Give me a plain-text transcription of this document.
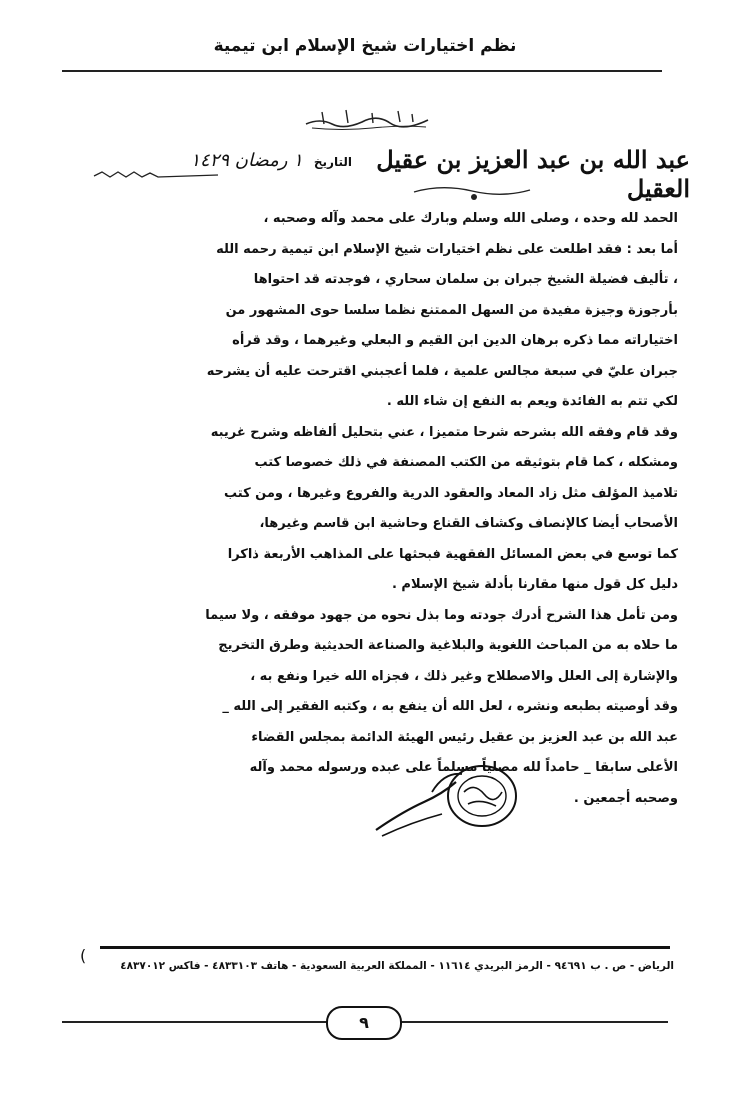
نظم اختيارات شيخ الإسلام ابن تيمية
عبد الله بن عبد العزيز بن عقيل العقيل
التاريخ ١ رمضان ١٤٢٩
الحمد لله وحده ، وصلى الله وسلم وبارك على محمد وآله وصحبه ،
أما بعد : فقد اطلعت على نظم اختيارات شيخ الإسلام ابن تيمية رحمه الله
، تأليف فضيلة الشيخ جبران بن سلمان سحاري ، فوجدته قد احتواها
بأرجوزة وجيزة مفيدة من السهل الممتنع نظما سلسا حوى المشهور من
اختياراته مما ذكره برهان الدين ابن القيم و البعلي وغيرهما ، وقد قرأه
جبران عليّ في سبعة مجالس علمية ، فلما أعجبني اقترحت عليه أن يشرحه
لكي تتم به الفائدة ويعم به النفع إن شاء الله .
وقد قام وفقه الله بشرحه شرحا متميزا ، عني بتحليل ألفاظه وشرح غريبه
ومشكله ، كما قام بتوثيقه من الكتب المصنفة في ذلك خصوصا كتب
تلاميذ المؤلف مثل زاد المعاد والعقود الدرية والفروع وغيرها ، ومن كتب
الأصحاب أيضا كالإنصاف وكشاف القناع وحاشية ابن قاسم وغيرها،
كما توسع في بعض المسائل الفقهية فبحثها على المذاهب الأربعة ذاكرا
دليل كل قول منها مقارنا بأدلة شيخ الإسلام .
ومن تأمل هذا الشرح أدرك جودته وما بذل نحوه من جهود موفقه ، ولا سيما
ما حلاه به من المباحث اللغوية والبلاغية والصناعة الحديثية وطرق التخريج
والإشارة إلى العلل والاصطلاح وغير ذلك ، فجزاه الله خيرا ونفع به ،
وقد أوصيته بطبعه ونشره ، لعل الله أن ينفع به ، وكتبه الفقير إلى الله _
عبد الله بن عبد العزيز بن عقيل رئيس الهيئة الدائمة بمجلس القضاء
الأعلى سابقا _ حامداً لله مصلياً مسلماً على عبده ورسوله محمد وآله
وصحبه أجمعين .
(
الرياض - ص . ب ٩٤٦٩١ - الرمز البريدي ١١٦١٤ - المملكة العربية السعودية - هاتف ٤٨٣٣١٠٣ - فاكس ٤٨٣٧٠١٢
٩
